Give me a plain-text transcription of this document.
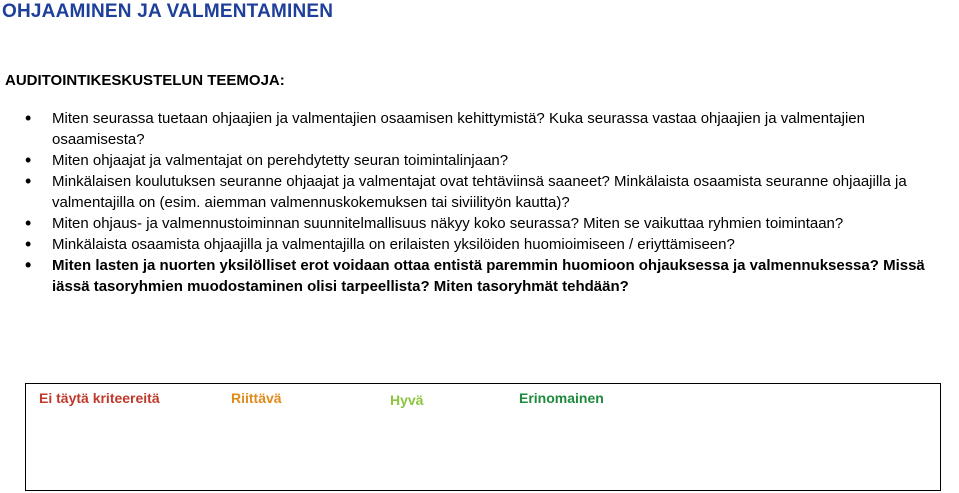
OHJAAMINEN JA VALMENTAMINEN
AUDITOINTIKESKUSTELUN TEEMOJA:
• Miten seurassa tuetaan ohjaajien ja valmentajien osaamisen kehittymistä? Kuka seurassa vastaa ohjaajien ja valmentajien osaamisesta?
• Miten ohjaajat ja valmentajat on perehdytetty seuran toimintalinjaan?
• Minkälaisen koulutuksen seuranne ohjaajat ja valmentajat ovat tehtäviinsä saaneet? Minkälaista osaamista seuranne ohjaajilla ja valmentajilla on (esim. aiemman valmennuskokemuksen tai siviilityön kautta)?
• Miten ohjaus- ja valmennustoiminnan suunnitelmallisuus näkyy koko seurassa? Miten se vaikuttaa ryhmien toimintaan?
• Minkälaista osaamista ohjaajilla ja valmentajilla on erilaisten yksilöiden huomioimiseen / eriyttämiseen?
• Miten lasten ja nuorten yksilölliset erot voidaan ottaa entistä paremmin huomioon ohjauksessa ja valmennuksessa? Missä iässä tasoryhmien muodostaminen olisi tarpeellista? Miten tasoryhmät tehdään?
Ei täytä kriteereitä	Riittävä	Hyvä	Erinomainen
